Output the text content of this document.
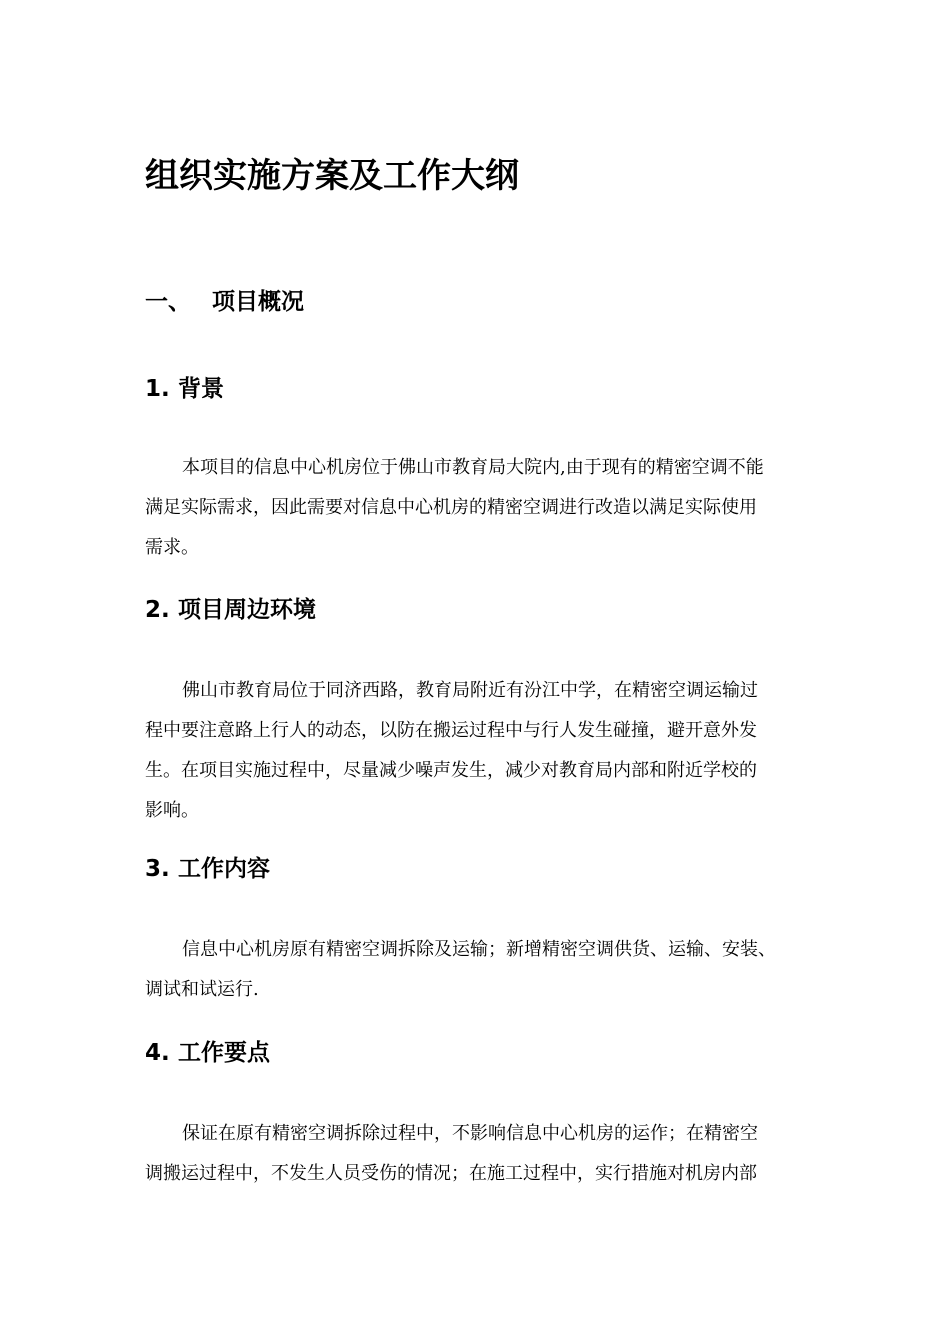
组织实施方案及工作大纲
一、 项目概况
1. 背景

本项目的信息中心机房位于佛山市教育局大院内,由于现有的精密空调不能
满足实际需求，因此需要对信息中心机房的精密空调进行改造以满足实际使用
需求。

2. 项目周边环境

佛山市教育局位于同济西路，教育局附近有汾江中学，在精密空调运输过
程中要注意路上行人的动态，以防在搬运过程中与行人发生碰撞，避开意外发
生。在项目实施过程中，尽量减少噪声发生，减少对教育局内部和附近学校的
影响。

3. 工作内容

信息中心机房原有精密空调拆除及运输；新增精密空调供货、运输、安装、
调试和试运行.

4. 工作要点

保证在原有精密空调拆除过程中，不影响信息中心机房的运作；在精密空
调搬运过程中，不发生人员受伤的情况；在施工过程中，实行措施对机房内部
